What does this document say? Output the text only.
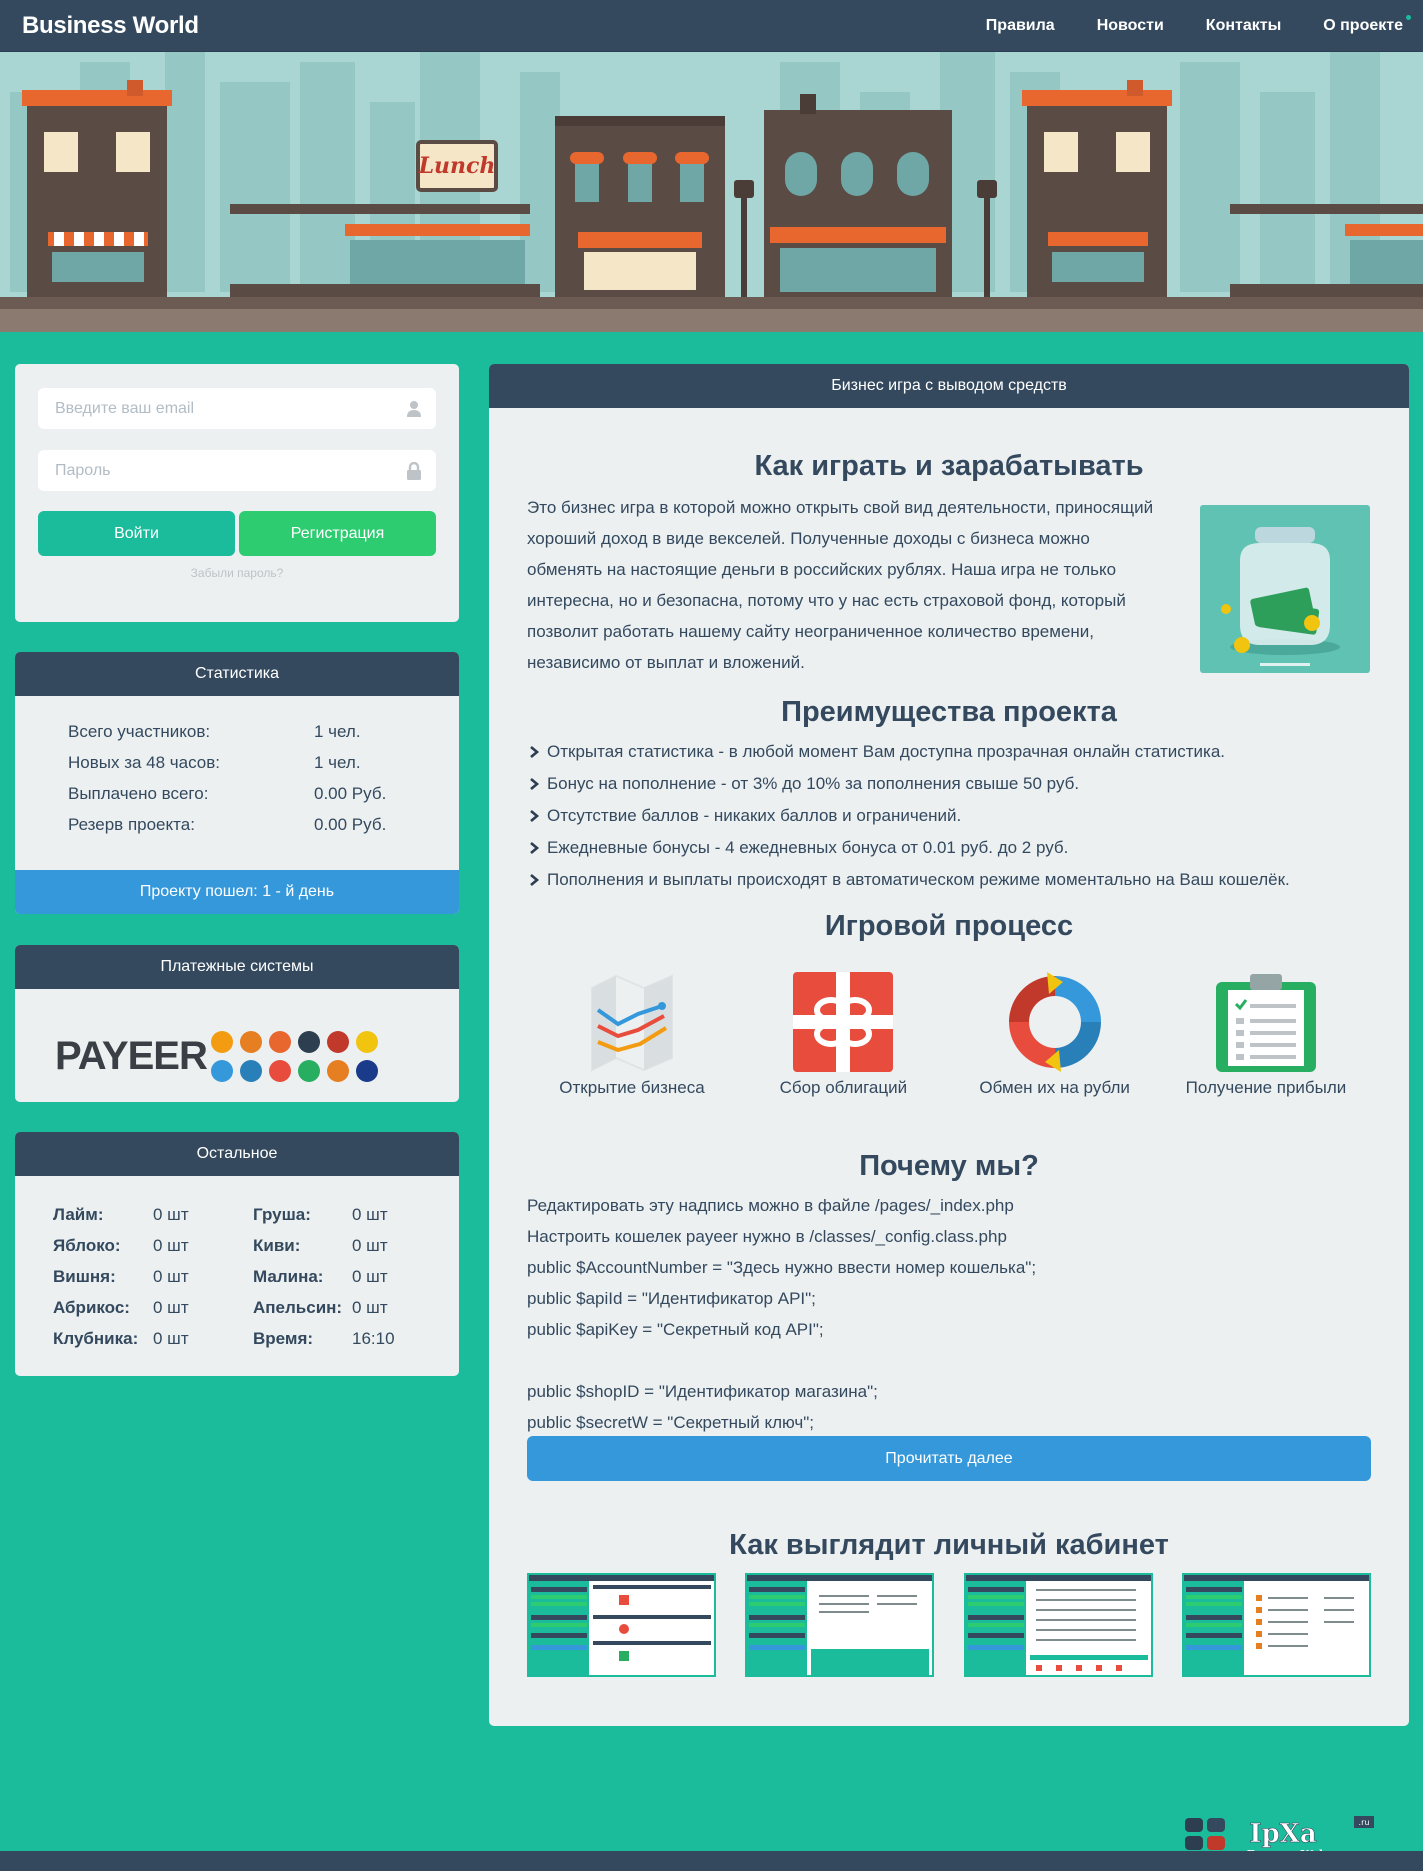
Business World	Правила	Новости	Контакты	О проекте
Lunch
Введите ваш email
Войти	Регистрация
Забыли пароль?
Статистика
Всего участников:	1 чел.
Новых за 48 часов:	1 чел.
Выплачено всего:	0.00 Руб.
Резерв проекта:	0.00 Руб.
Проекту пошел: 1 - й день
Платежные системы
PAYEER
Остальное
Лайм:	0 шт	Груша:	0 шт
Яблоко:	0 шт	Киви:	0 шт
Вишня:	0 шт	Малина:	0 шт
Абрикос:	0 шт	Апельсин: 0 шт
Клубника: 0 шт	Время:	16:10
Бизнес игра с выводом средств
Как играть и зарабатывать
Это бизнес игра в которой можно открыть свой вид деятельности, приносящий
хороший доход в виде векселей. Полученные доходы с бизнеса можно
обменять на настоящие деньги в российских рублях. Наша игра не только
интересна, но и безопасна, потому что у нас есть страховой фонд, который
позволит работать нашему сайту неограниченное количество времени,
независимо от выплат и вложений.
Преимущества проекта
Открытая статистика - в любой момент Вам доступна прозрачная онлайн статистика.
Бонус на пополнение - от 3% до 10% за пополнения свыше 50 руб.
Отсутствие баллов - никаких баллов и ограничений.
Ежедневные бонусы - 4 ежедневных бонуса от 0.01 руб. до 2 руб.
Пополнения и выплаты происходят в автоматическом режиме моментально на Ваш кошелёк.
Игровой процесс
Открытие бизнеса	Сбор облигаций	Обмен их на рубли	Получение прибыли
Почему мы?
Редактировать эту надпись можно в файле /pages/_index.php
Настроить кошелек payeer нужно в /classes/_config.class.php
public $AccountNumber = "Здесь нужно ввести номер кошелька";
public $apiId = "Идентификатор API";
public $apiKey = "Секретный код API";
public $shopID = "Идентификатор магазина";
public $secretW = "Секретный ключ";
Прочитать далее
Как выглядит личный кабинет
IpXa	.ru
